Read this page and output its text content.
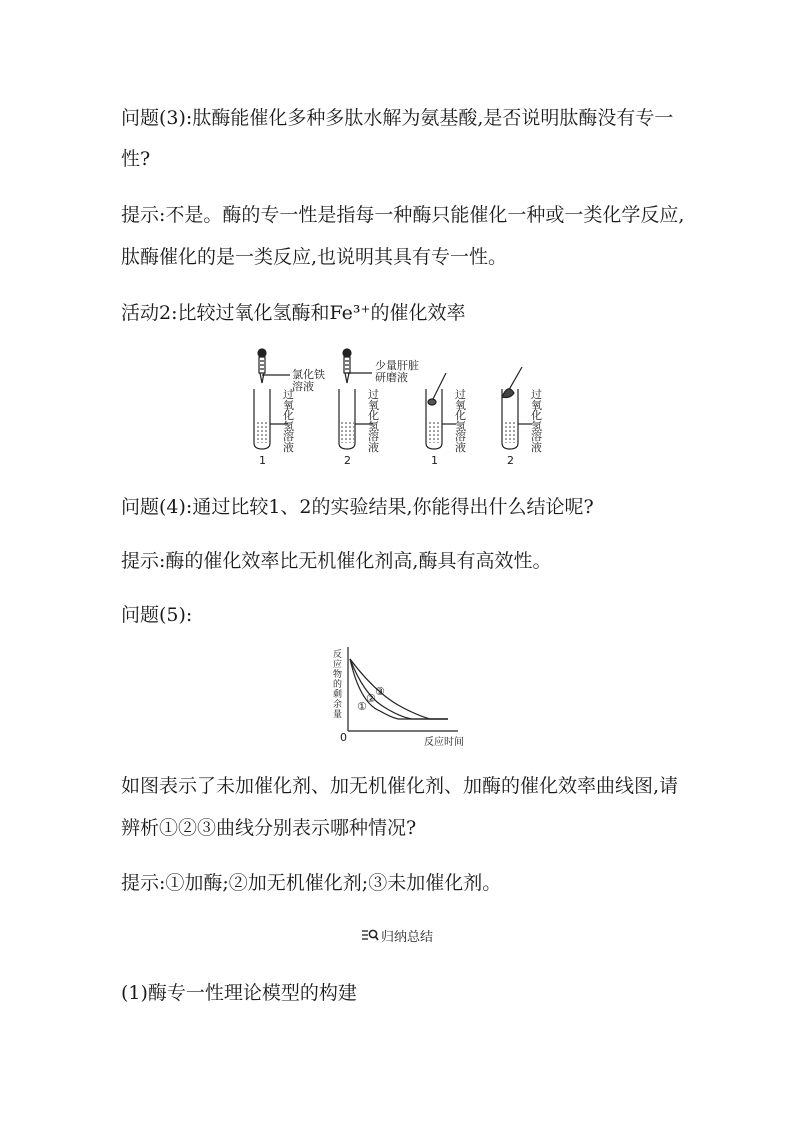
问题(3):肽酶能催化多种多肽水解为氨基酸,是否说明肽酶没有专一
性?
提示:不是。酶的专一性是指每一种酶只能催化一种或一类化学反应,
肽酶催化的是一类反应,也说明其具有专一性。
活动2:比较过氧化氢酶和Fe³⁺的催化效率
氯化铁
溶液
少量肝脏
研磨液
过
氧
化
氢
溶
液
过
氧
化
氢
溶
液
过
氧
化
氢
溶
液
过
氧
化
氢
溶
液
1	2	1	2
问题(4):通过比较1、2的实验结果,你能得出什么结论呢?
提示:酶的催化效率比无机催化剂高,酶具有高效性。
问题(5):
反应物的剩余量
0	反应时间
①
②
③
如图表示了未加催化剂、加无机催化剂、加酶的催化效率曲线图,请
辨析①②③曲线分别表示哪种情况?
提示:①加酶;②加无机催化剂;③未加催化剂。
归纳总结
(1)酶专一性理论模型的构建
